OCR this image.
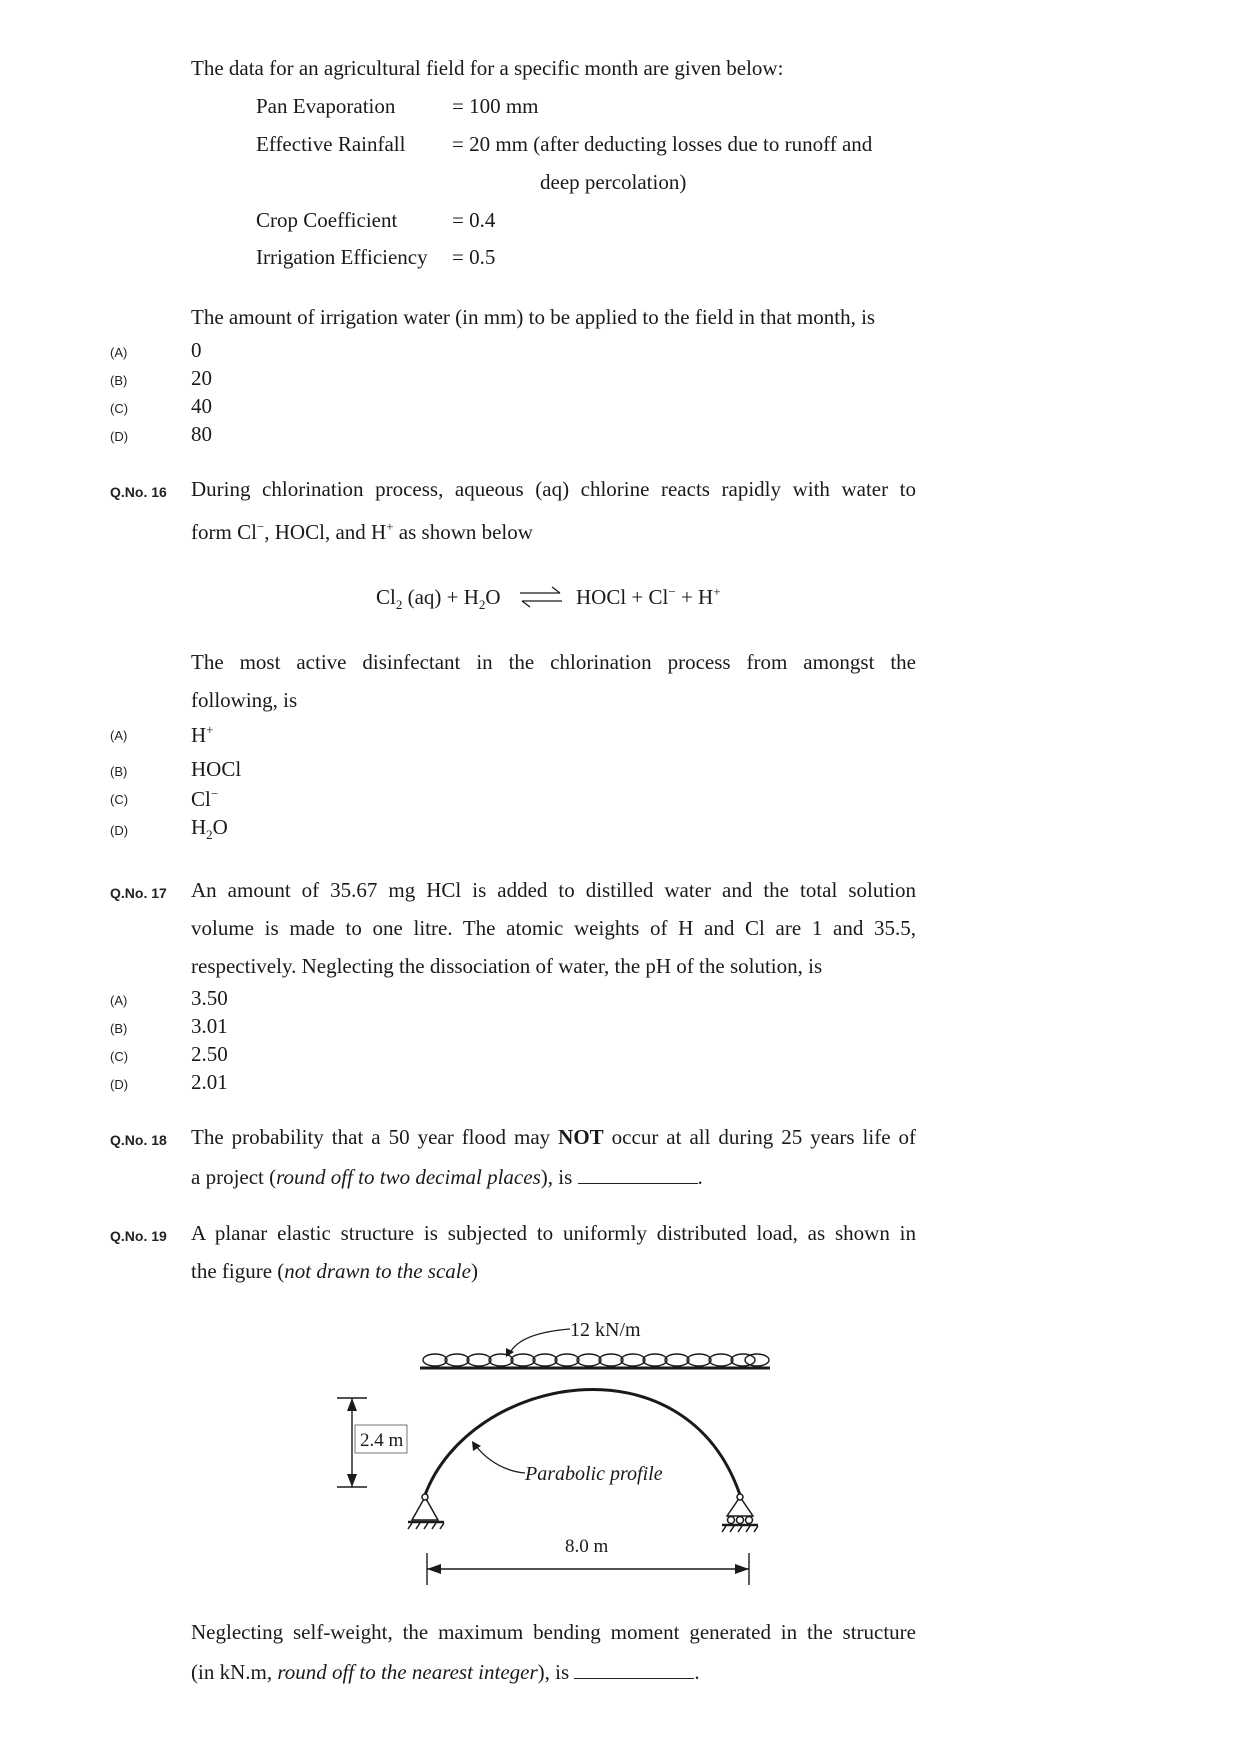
The data for an agricultural field for a specific month are given below:
Pan Evaporation	= 100 mm
Effective Rainfall = 20 mm (after deducting losses due to runoff and
deep percolation)
Crop Coefficient	= 0.4
Irrigation Efficiency = 0.5
The amount of irrigation water (in mm) to be applied to the field in that month, is
(A)	0
(B)	20
(C)	40
(D)	80
Q.No. 16 During chlorination process, aqueous (aq) chlorine reacts rapidly with water to
form Cl−, HOCl, and H+ as shown below
$Cl_2$ $(aq) + H_2O$ ⇌ HOCl + Cl− + H+
The most active disinfectant in the chlorination process from amongst the
following, is
(A)	H+
(B)	HOCl
(C)	Cl−
(D)	$H_2O$
Q.No. 17 An amount of 35.67 mg HCl is added to distilled water and the total solution
volume is made to one litre. The atomic weights of H and Cl are 1 and 35.5,
respectively. Neglecting the dissociation of water, the pH of the solution, is
(A)	3.50
(B)	3.01
(C)	2.50
(D)	2.01
Q.No. 18 The probability that a 50 year flood may NOT occur at all during 25 years life of
a project (round off to two decimal places), is	.
Q.No. 19 A planar elastic structure is subjected to uniformly distributed load, as shown in
the figure (not drawn to the scale)
12 kN/m
2.4 m
Parabolic profile
8.0 m
Neglecting self-weight, the maximum bending moment generated in the structure
(in kN.m, round off to the nearest integer), is	.
